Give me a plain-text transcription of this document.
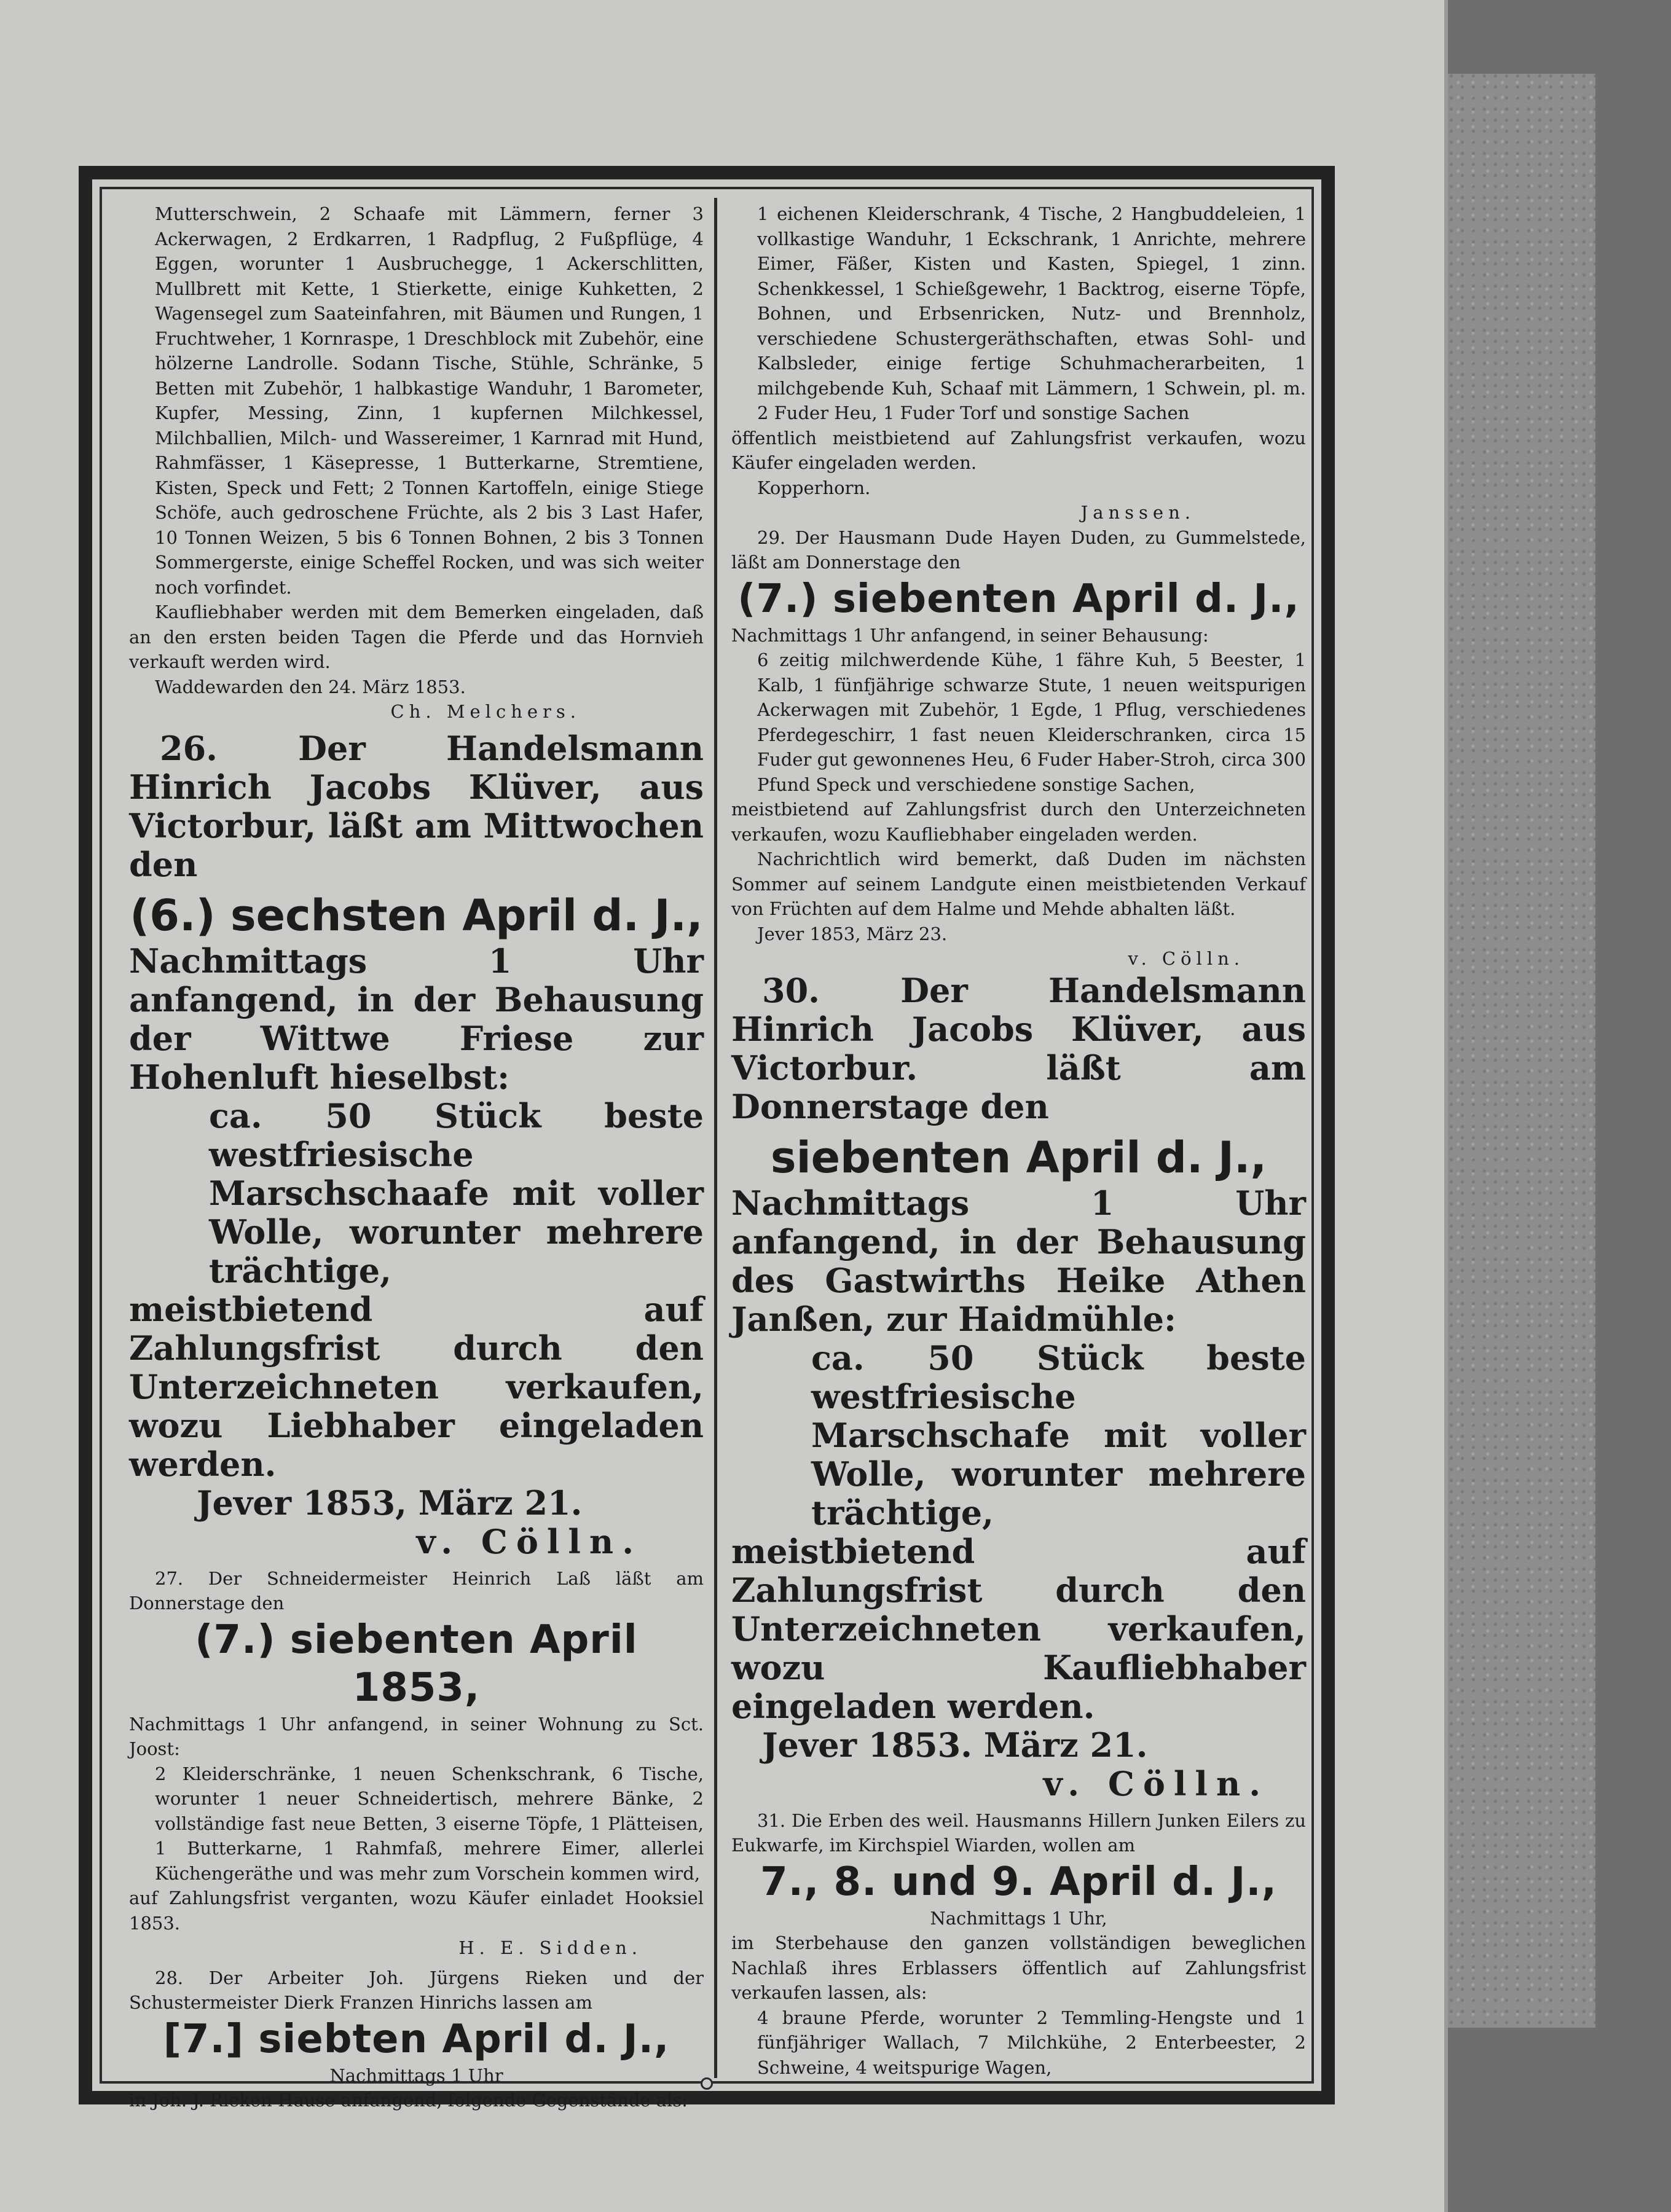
Mutterschwein, 2 Schaafe mit Lämmern, ferner 3 Ackerwagen, 2 Erdkarren, 1 Radpflug, 2 Fußpflüge, 4 Eggen, worunter 1 Ausbruchegge, 1 Ackerschlitten, Mullbrett mit Kette, 1 Stierkette, einige Kuhketten, 2 Wagensegel zum Saateinfahren, mit Bäumen und Rungen, 1 Fruchtweher, 1 Kornraspe, 1 Dreschblock mit Zubehör, eine hölzerne Landrolle. Sodann Tische, Stühle, Schränke, 5 Betten mit Zubehör, 1 halbkastige Wanduhr, 1 Barometer, Kupfer, Messing, Zinn, 1 kupfernen Milchkessel, Milchballien, Milch- und Wassereimer, 1 Karnrad mit Hund, Rahmfässer, 1 Käsepresse, 1 Butterkarne, Stremtiene, Kisten, Speck und Fett; 2 Tonnen Kartoffeln, einige Stiege Schöfe, auch gedroschene Früchte, als 2 bis 3 Last Hafer, 10 Tonnen Weizen, 5 bis 6 Tonnen Bohnen, 2 bis 3 Tonnen Sommergerste, einige Scheffel Rocken, und was sich weiter noch vorfindet.

Kaufliebhaber werden mit dem Bemerken eingeladen, daß an den ersten beiden Tagen die Pferde und das Hornvieh verkauft werden wird.

Waddewarden den 24. März 1853.

Ch. Melchers.

26. Der Handelsmann Hinrich Jacobs Klüver, aus Victorbur, läßt am Mittwochen den

(6.) sechsten April d. J.,

Nachmittags 1 Uhr anfangend, in der Behausung der Wittwe Friese zur Hohenluft hieselbst:

ca. 50 Stück beste westfriesische Marschschaafe mit voller Wolle, worunter mehrere trächtige,

meistbietend auf Zahlungsfrist durch den Unterzeichneten verkaufen, wozu Liebhaber eingeladen werden.

Jever 1853, März 21.

v. Cölln.

27. Der Schneidermeister Heinrich Laß läßt am Donnerstage den

(7.) siebenten April 1853,

Nachmittags 1 Uhr anfangend, in seiner Wohnung zu Sct. Joost:

2 Kleiderschränke, 1 neuen Schenkschrank, 6 Tische, worunter 1 neuer Schneidertisch, mehrere Bänke, 2 vollständige fast neue Betten, 3 eiserne Töpfe, 1 Plätteisen, 1 Butterkarne, 1 Rahmfaß, mehrere Eimer, allerlei Küchengeräthe und was mehr zum Vorschein kommen wird,

auf Zahlungsfrist verganten, wozu Käufer einladet Hooksiel 1853.

H. E. Sidden.

28. Der Arbeiter Joh. Jürgens Rieken und der Schustermeister Dierk Franzen Hinrichs lassen am

[7.] siebten April d. J.,

Nachmittags 1 Uhr

in Joh. J. Rieken Hause anfangend, folgende Gegenstände als:

1 eichenen Kleiderschrank, 4 Tische, 2 Hangbuddeleien, 1 vollkastige Wanduhr, 1 Eckschrank, 1 Anrichte, mehrere Eimer, Fäßer, Kisten und Kasten, Spiegel, 1 zinn. Schenkkessel, 1 Schießgewehr, 1 Backtrog, eiserne Töpfe, Bohnen, und Erbsenricken, Nutz- und Brennholz, verschiedene Schustergeräthschaften, etwas Sohl- und Kalbsleder, einige fertige Schuhmacherarbeiten, 1 milchgebende Kuh, Schaaf mit Lämmern, 1 Schwein, pl. m. 2 Fuder Heu, 1 Fuder Torf und sonstige Sachen

öffentlich meistbietend auf Zahlungsfrist verkaufen, wozu Käufer eingeladen werden.

Kopperhorn.

Janssen.

29. Der Hausmann Dude Hayen Duden, zu Gummelstede, läßt am Donnerstage den

(7.) siebenten April d. J.,

Nachmittags 1 Uhr anfangend, in seiner Behausung:

6 zeitig milchwerdende Kühe, 1 fähre Kuh, 5 Beester, 1 Kalb, 1 fünfjährige schwarze Stute, 1 neuen weitspurigen Ackerwagen mit Zubehör, 1 Egde, 1 Pflug, verschiedenes Pferdegeschirr, 1 fast neuen Kleiderschranken, circa 15 Fuder gut gewonnenes Heu, 6 Fuder Haber-Stroh, circa 300 Pfund Speck und verschiedene sonstige Sachen,

meistbietend auf Zahlungsfrist durch den Unterzeichneten verkaufen, wozu Kaufliebhaber eingeladen werden.

Nachrichtlich wird bemerkt, daß Duden im nächsten Sommer auf seinem Landgute einen meistbietenden Verkauf von Früchten auf dem Halme und Mehde abhalten läßt.

Jever 1853, März 23.

v. Cölln.

30. Der Handelsmann Hinrich Jacobs Klüver, aus Victorbur. läßt am Donnerstage den

siebenten April d. J.,

Nachmittags 1 Uhr anfangend, in der Behausung des Gastwirths Heike Athen Janßen, zur Haidmühle:

ca. 50 Stück beste westfriesische Marschschafe mit voller Wolle, worunter mehrere trächtige,

meistbietend auf Zahlungsfrist durch den Unterzeichneten verkaufen, wozu Kaufliebhaber eingeladen werden.

Jever 1853. März 21.

v. Cölln.

31. Die Erben des weil. Hausmanns Hillern Junken Eilers zu Eukwarfe, im Kirchspiel Wiarden, wollen am

7., 8. und 9. April d. J.,

Nachmittags 1 Uhr,

im Sterbehause den ganzen vollständigen beweglichen Nachlaß ihres Erblassers öffentlich auf Zahlungsfrist verkaufen lassen, als:

4 braune Pferde, worunter 2 Temmling-Hengste und 1 fünfjähriger Wallach, 7 Milchkühe, 2 Enterbeester, 2 Schweine, 4 weitspurige Wagen,
